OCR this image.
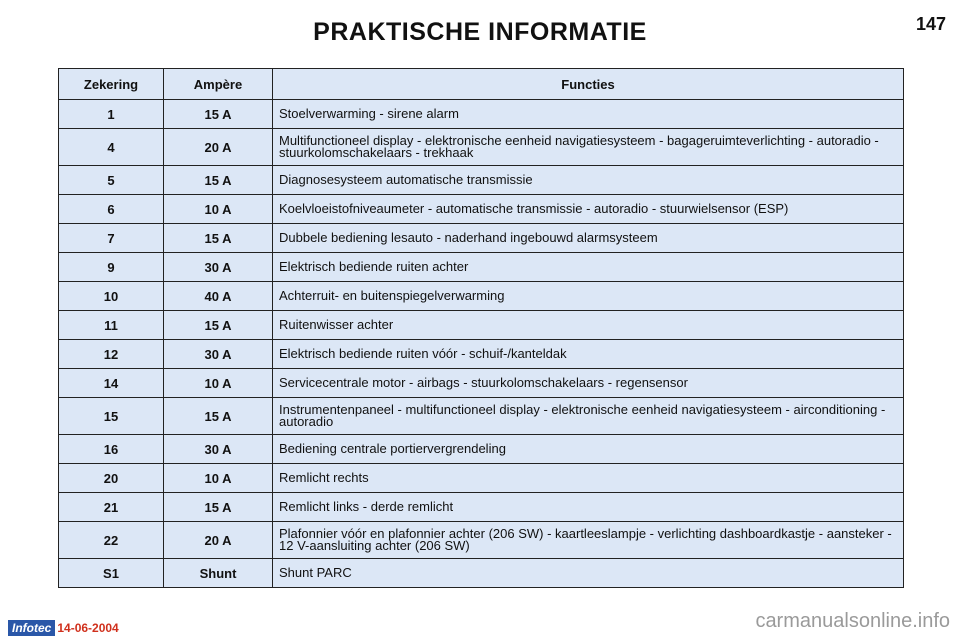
PRAKTISCHE INFORMATIE	147
Zekering	Ampère	Functies
1	15 A	Stoelverwarming - sirene alarm
4	20 A	Multifunctioneel display - elektronische eenheid navigatiesysteem - bagageruimteverlichting - autoradio - stuurkolomschakelaars - trekhaak
5	15 A	Diagnosesysteem automatische transmissie
6	10 A	Koelvloeistofniveaumeter - automatische transmissie - autoradio - stuurwielsensor (ESP)
7	15 A	Dubbele bediening lesauto - naderhand ingebouwd alarmsysteem
9	30 A	Elektrisch bediende ruiten achter
10	40 A	Achterruit- en buitenspiegelverwarming
11	15 A	Ruitenwisser achter
12	30 A	Elektrisch bediende ruiten vóór - schuif-/kanteldak
14	10 A	Servicecentrale motor - airbags - stuurkolomschakelaars - regensensor
15	15 A	Instrumentenpaneel - multifunctioneel display - elektronische eenheid navigatiesysteem - airconditioning - autoradio
16	30 A	Bediening centrale portiervergrendeling
20	10 A	Remlicht rechts
21	15 A	Remlicht links - derde remlicht
22	20 A	Plafonnier vóór en plafonnier achter (206 SW) - kaartleeslampje - verlichting dashboardkastje - aansteker - 12 V-aansluiting achter (206 SW)
S1	Shunt	Shunt PARC
Infotec 14-06-2004	carmanualsonline.info
